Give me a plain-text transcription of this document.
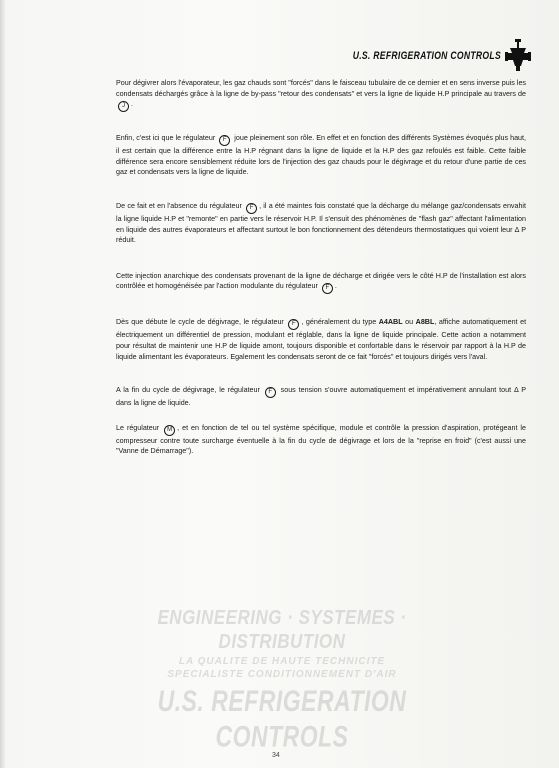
U.S. REFRIGERATION CONTROLS

Pour dégivrer alors l'évaporateur, les gaz chauds sont "forcés" dans le faisceau tubulaire de ce dernier et en sens inverse puis les condensats déchargés grâce à la ligne de by-pass "retour des condensats" et vers la ligne de liquide H.P principale au travers de J .

Enfin, c'est ici que le régulateur F joue pleinement son rôle. En effet et en fonction des différents Systèmes évoqués plus haut, il est certain que la différence entre la H.P régnant dans la ligne de liquide et la H.P des gaz refoulés est faible. Cette faible différence sera encore sensiblement réduite lors de l'injection des gaz chauds pour le dégivrage et du retour d'une partie de ces gaz et condensats vers la ligne de liquide.

De ce fait et en l'absence du régulateur F , il a été maintes fois constaté que la décharge du mélange gaz/condensats envahit la ligne liquide H.P et "remonte" en partie vers le réservoir H.P. Il s'ensuit des phénomènes de "flash gaz" affectant l'alimentation en liquide des autres évaporateurs et affectant surtout le bon fonctionnement des détendeurs thermostatiques qui voient leur Δ P réduit.

Cette injection anarchique des condensats provenant de la ligne de décharge et dirigée vers le côté H.P de l'installation est alors contrôlée et homogénéisée par l'action modulante du régulateur F .

Dès que débute le cycle de dégivrage, le régulateur F , généralement du type A4ABL ou A8BL, affiche automatiquement et électriquement un différentiel de pression, modulant et réglable, dans la ligne de liquide principale. Cette action a notamment pour résultat de maintenir une H.P de liquide amont, toujours disponible et confortable dans le réservoir par rapport à la H.P de liquide alimentant les évaporateurs. Egalement les condensats seront de ce fait "forcés" et toujours dirigés vers l'aval.

A la fin du cycle de dégivrage, le régulateur F sous tension s'ouvre automatiquement et impérativement annulant tout Δ P dans la ligne de liquide.

Le régulateur M , et en fonction de tel ou tel système spécifique, module et contrôle la pression d'aspiration, protégeant le compresseur contre toute surcharge éventuelle à la fin du cycle de dégivrage et lors de la "reprise en froid" (c'est aussi une "Vanne de Démarrage").

ENGINEERING · SYSTEMES · DISTRIBUTION
LA QUALITE DE HAUTE TECHNICITE
SPECIALISTE CONDITIONNEMENT D'AIR
U.S. REFRIGERATION CONTROLS
34
